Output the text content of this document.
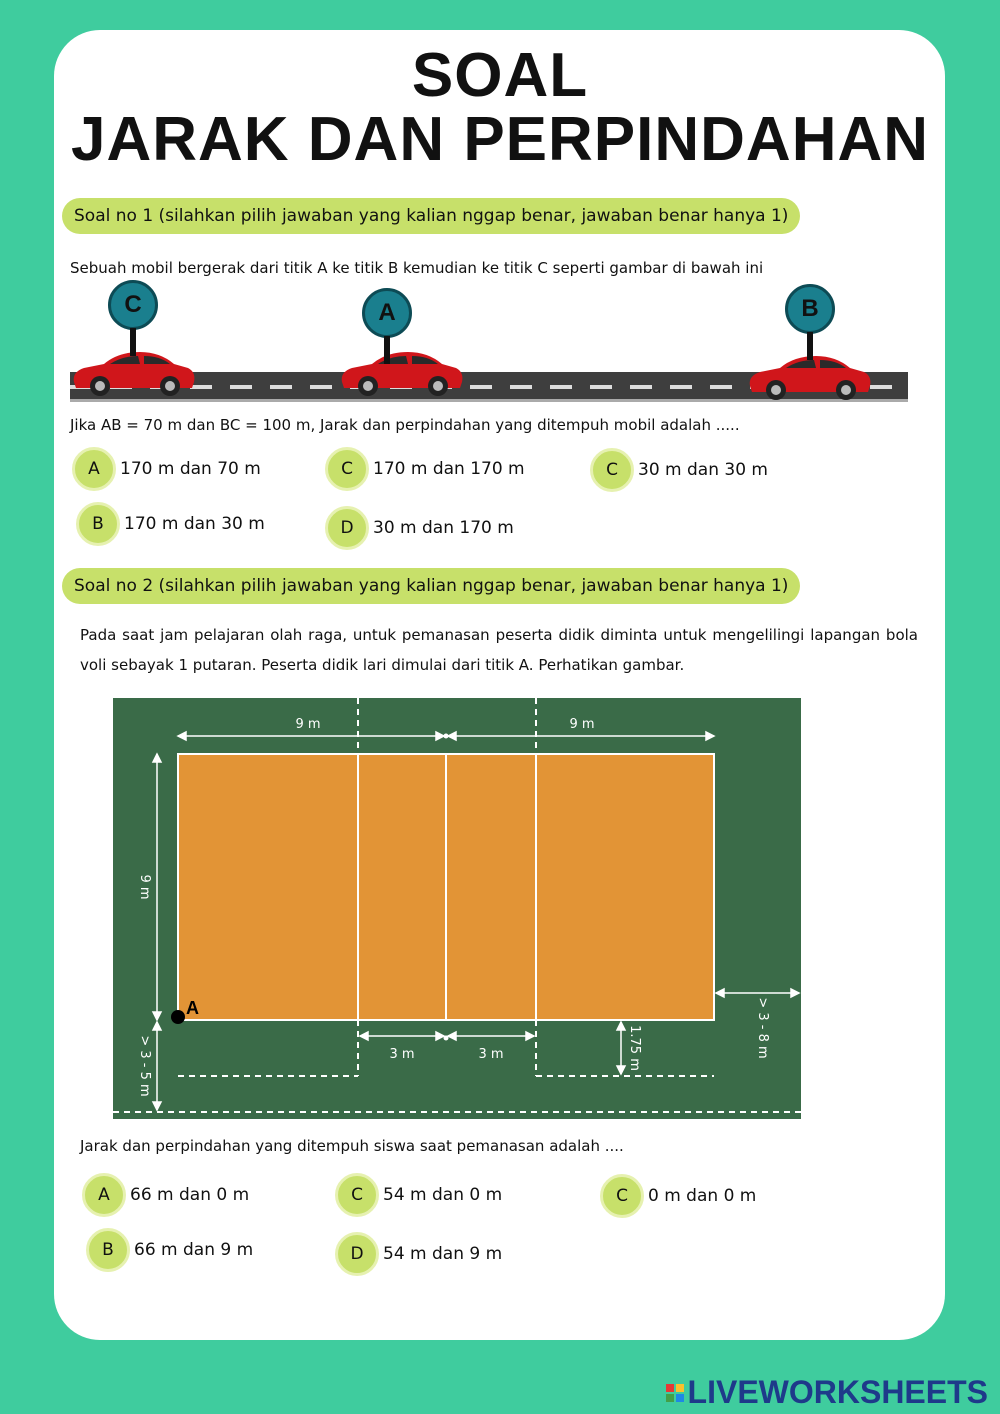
SOAL
JARAK DAN PERPINDAHAN
Soal no 1 (silahkan pilih jawaban yang kalian nggap benar, jawaban benar hanya 1)
Sebuah mobil bergerak dari titik A ke titik B kemudian ke titik C seperti gambar di bawah ini
C	A	B
Jika AB = 70 m dan BC = 100 m, Jarak dan perpindahan yang ditempuh mobil adalah .....
A	170 m dan 70 m
B	170 m dan 30 m
C	170 m dan 170 m
D	30 m dan 170 m
C	30 m dan 30 m
Soal no 2 (silahkan pilih jawaban yang kalian nggap benar, jawaban benar hanya 1)
Pada saat jam pelajaran olah raga, untuk pemanasan peserta didik diminta untuk mengelilingi lapangan bola voli sebayak 1 putaran. Peserta didik lari dimulai dari titik A. Perhatikan gambar.
A
9 m	9 m
3 m	3 m
9 m
1.75 m
> 3 - 5 m
> 3 - 8 m
Jarak dan perpindahan yang ditempuh siswa saat pemanasan adalah ....
A	66 m dan 0 m
B	66 m dan 9 m
C	54 m dan 0 m
D	54 m dan 9 m
C	0 m dan 0 m
LIVEWORKSHEETS
